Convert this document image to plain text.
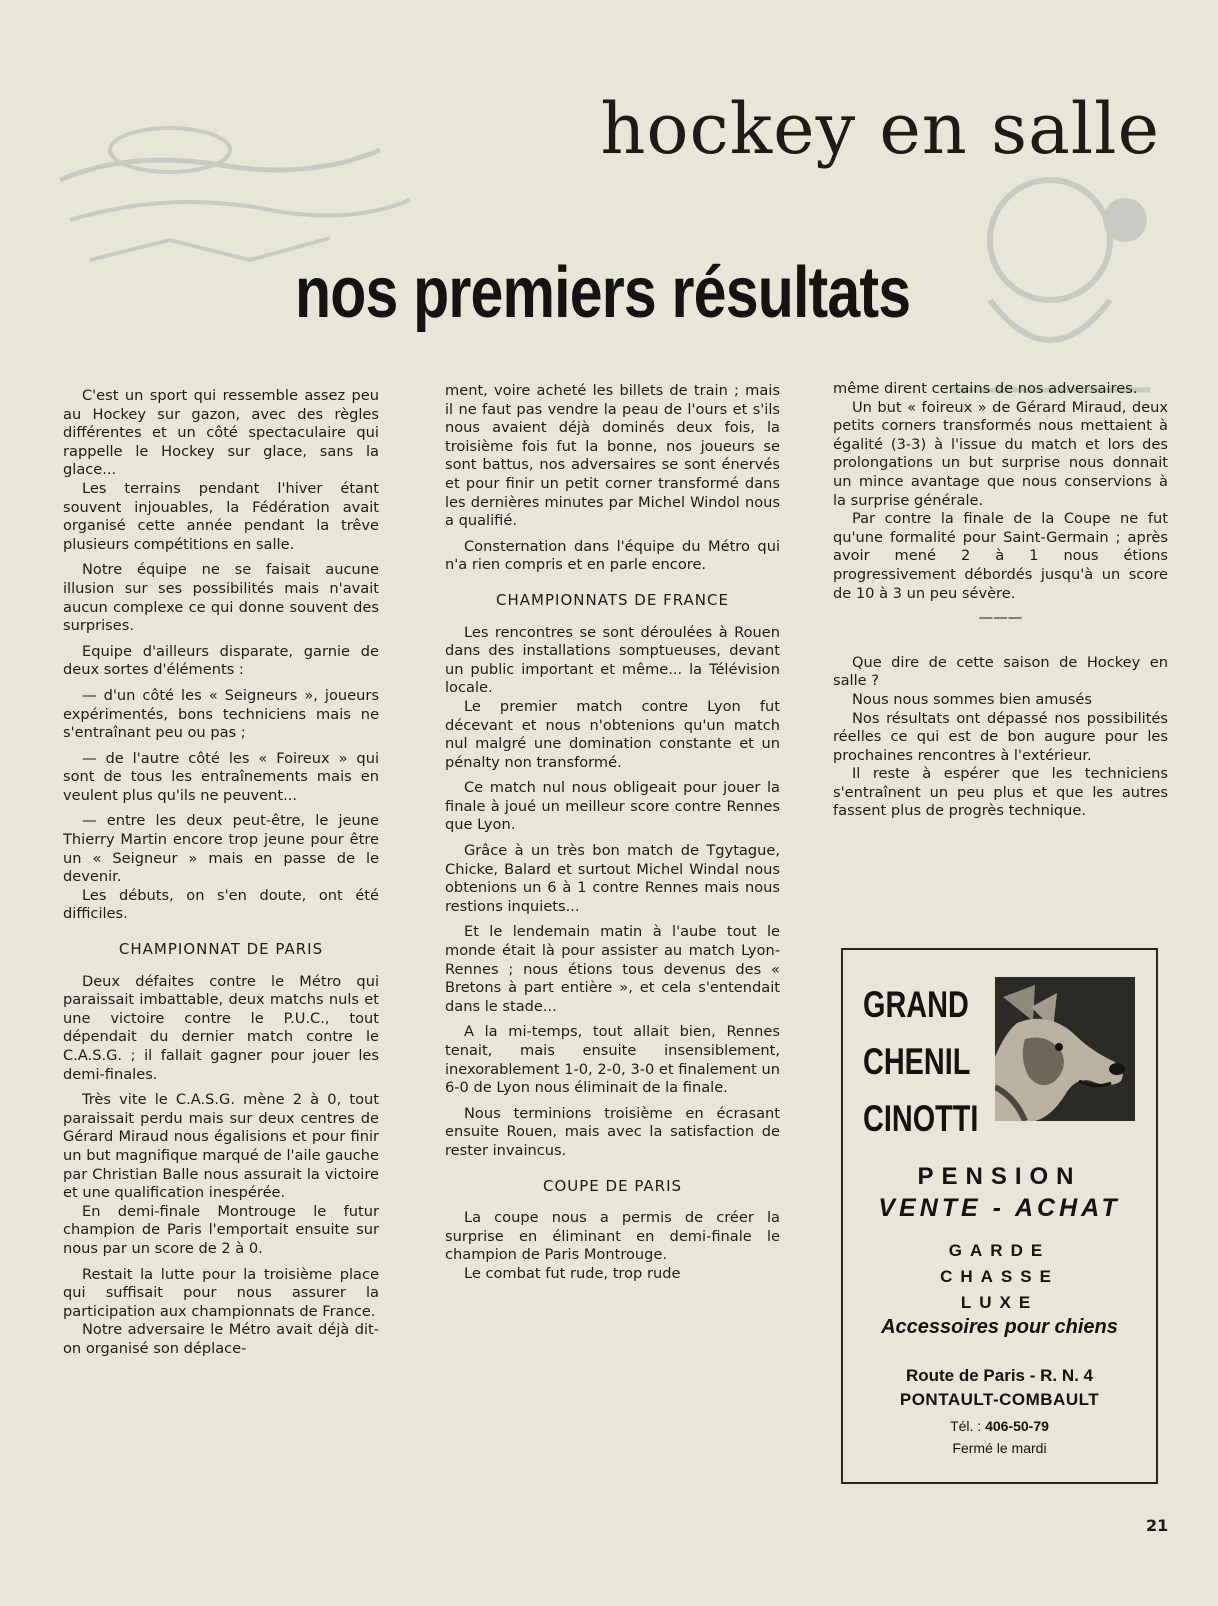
hockey en salle
nos premiers résultats

C'est un sport qui ressemble assez peu au Hockey sur gazon, avec des règles différentes et un côté spectaculaire qui rappelle le Hockey sur glace, sans la glace...

Les terrains pendant l'hiver étant souvent injouables, la Fédération avait organisé cette année pendant la trêve plusieurs compétitions en salle.

Notre équipe ne se faisait aucune illusion sur ses possibilités mais n'avait aucun complexe ce qui donne souvent des surprises.

Equipe d'ailleurs disparate, garnie de deux sortes d'éléments :

— d'un côté les « Seigneurs », joueurs expérimentés, bons techniciens mais ne s'entraînant peu ou pas ;

— de l'autre côté les « Foireux » qui sont de tous les entraînements mais en veulent plus qu'ils ne peuvent...

— entre les deux peut-être, le jeune Thierry Martin encore trop jeune pour être un « Seigneur » mais en passe de le devenir.

Les débuts, on s'en doute, ont été difficiles.

CHAMPIONNAT DE PARIS

Deux défaites contre le Métro qui paraissait imbattable, deux matchs nuls et une victoire contre le P.U.C., tout dépendait du dernier match contre le C.A.S.G. ; il fallait gagner pour jouer les demi-finales.

Très vite le C.A.S.G. mène 2 à 0, tout paraissait perdu mais sur deux centres de Gérard Miraud nous égalisions et pour finir un but magnifique marqué de l'aile gauche par Christian Balle nous assurait la victoire et une qualification inespérée.

En demi-finale Montrouge le futur champion de Paris l'emportait ensuite sur nous par un score de 2 à 0.

Restait la lutte pour la troisième place qui suffisait pour nous assurer la participation aux championnats de France.

Notre adversaire le Métro avait déjà dit-on organisé son déplace-

ment, voire acheté les billets de train ; mais il ne faut pas vendre la peau de l'ours et s'ils nous avaient déjà dominés deux fois, la troisième fois fut la bonne, nos joueurs se sont battus, nos adversaires se sont énervés et pour finir un petit corner transformé dans les dernières minutes par Michel Windol nous a qualifié.

Consternation dans l'équipe du Métro qui n'a rien compris et en parle encore.

CHAMPIONNATS DE FRANCE

Les rencontres se sont déroulées à Rouen dans des installations somptueuses, devant un public important et même... la Télévision locale.

Le premier match contre Lyon fut décevant et nous n'obtenions qu'un match nul malgré une domination constante et un pénalty non transformé.

Ce match nul nous obligeait pour jouer la finale à joué un meilleur score contre Rennes que Lyon.

Grâce à un très bon match de Tgytague, Chicke, Balard et surtout Michel Windal nous obtenions un 6 à 1 contre Rennes mais nous restions inquiets...

Et le lendemain matin à l'aube tout le monde était là pour assister au match Lyon-Rennes ; nous étions tous devenus des « Bretons à part entière », et cela s'entendait dans le stade...

A la mi-temps, tout allait bien, Rennes tenait, mais ensuite insensiblement, inexorablement 1-0, 2-0, 3-0 et finalement un 6-0 de Lyon nous éliminait de la finale.

Nous terminions troisième en écrasant ensuite Rouen, mais avec la satisfaction de rester invaincus.

COUPE DE PARIS

La coupe nous a permis de créer la surprise en éliminant en demi-finale le champion de Paris Montrouge.

Le combat fut rude, trop rude

même dirent certains de nos adversaires.

Un but « foireux » de Gérard Miraud, deux petits corners transformés nous mettaient à égalité (3-3) à l'issue du match et lors des prolongations un but surprise nous donnait un mince avantage que nous conservions à la surprise générale.

Par contre la finale de la Coupe ne fut qu'une formalité pour Saint-Germain ; après avoir mené 2 à 1 nous étions progressivement débordés jusqu'à un score de 10 à 3 un peu sévère.

———

Que dire de cette saison de Hockey en salle ?

Nous nous sommes bien amusés

Nos résultats ont dépassé nos possibilités réelles ce qui est de bon augure pour les prochaines rencontres à l'extérieur.

Il reste à espérer que les techniciens s'entraînent un peu plus et que les autres fassent plus de progrès technique.

GRAND
CHENIL
CINOTTI
PENSION
VENTE - ACHAT
GARDE
CHASSE
LUXE
Accessoires pour chiens
Route de Paris - R. N. 4
PONTAULT-COMBAULT
Tél. : 406-50-79
Fermé le mardi
21
